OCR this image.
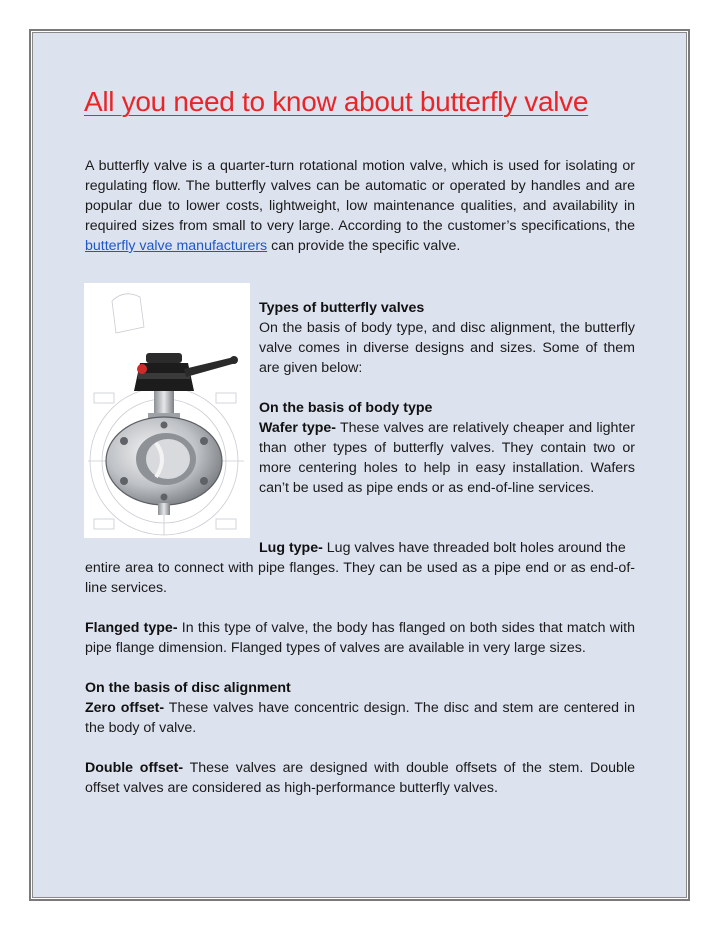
All you need to know about butterfly valve

A butterfly valve is a quarter-turn rotational motion valve, which is used for isolating or regulating flow. The butterfly valves can be automatic or operated by handles and are popular due to lower costs, lightweight, low maintenance qualities, and availability in required sizes from small to very large. According to the customer’s specifications, the butterfly valve manufacturers can provide the specific valve.

Types of butterfly valves

On the basis of body type, and disc alignment, the butterfly valve comes in diverse designs and sizes. Some of them are given below:

On the basis of body type

Wafer type- These valves are relatively cheaper and lighter than other types of butterfly valves. They contain two or more centering holes to help in easy installation. Wafers can’t be used as pipe ends or as end-of-line services.

Lug type- Lug valves have threaded bolt holes around the

entire area to connect with pipe flanges. They can be used as a pipe end or as end-of-line services.

Flanged type- In this type of valve, the body has flanged on both sides that match with pipe flange dimension. Flanged types of valves are available in very large sizes.

On the basis of disc alignment

Zero offset- These valves have concentric design. The disc and stem are centered in the body of valve.

Double offset- These valves are designed with double offsets of the stem. Double offset valves are considered as high-performance butterfly valves.
